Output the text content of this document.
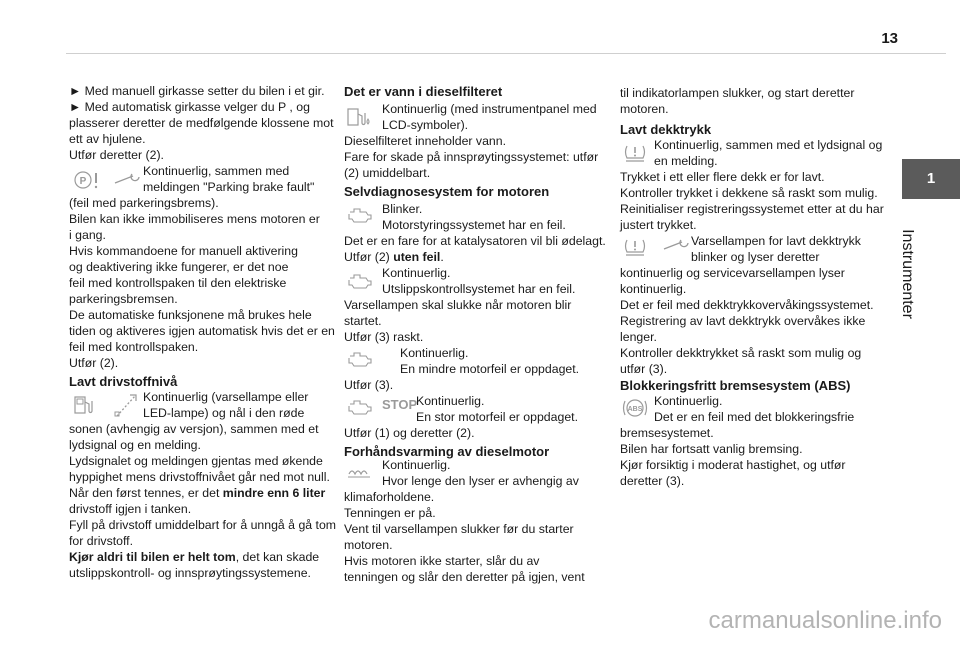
13
1
Instrumenter
► Med manuell girkasse setter du bilen i et gir.
► Med automatisk girkasse velger du P , og
plasserer deretter de medfølgende klossene mot
ett av hjulene.
Utfør deretter (2).
P
Kontinuerlig, sammen med
meldingen "Parking brake fault"
(feil med parkeringsbrems).
Bilen kan ikke immobiliseres mens motoren er
i gang.
Hvis kommandoene for manuell aktivering
og deaktivering ikke fungerer, er det noe
feil med kontrollspaken til den elektriske
parkeringsbremsen.
De automatiske funksjonene må brukes hele
tiden og aktiveres igjen automatisk hvis det er en
feil med kontrollspaken.
Utfør (2).
Lavt drivstoffnivå
Kontinuerlig (varsellampe eller
LED-lampe) og nål i den røde
sonen (avhengig av versjon), sammen med et
lydsignal og en melding.
Lydsignalet og meldingen gjentas med økende
hyppighet mens drivstoffnivået går ned mot null.
Når den først tennes, er det mindre enn 6 liter
drivstoff igjen i tanken.
Fyll på drivstoff umiddelbart for å unngå å gå tom
for drivstoff.
Kjør aldri til bilen er helt tom, det kan skade
utslippskontroll- og innsprøytingssystemene.
Det er vann i dieselfilteret
Kontinuerlig (med instrumentpanel med
LCD-symboler).
Dieselfilteret inneholder vann.
Fare for skade på innsprøytingssystemet: utfør
(2) umiddelbart.
Selvdiagnosesystem for motoren
Blinker.
Motorstyringssystemet har en feil.
Det er en fare for at katalysatoren vil bli ødelagt.
Utfør (2) uten feil.
Kontinuerlig.
Utslippskontrollsystemet har en feil.
Varsellampen skal slukke når motoren blir
startet.
Utfør (3) raskt.
Kontinuerlig.
En mindre motorfeil er oppdaget.
Utfør (3).
STOP
Kontinuerlig.
En stor motorfeil er oppdaget.
Utfør (1) og deretter (2).
Forhåndsvarming av dieselmotor
Kontinuerlig.
Hvor lenge den lyser er avhengig av
klimaforholdene.
Tenningen er på.
Vent til varsellampen slukker før du starter
motoren.
Hvis motoren ikke starter, slår du av
tenningen og slår den deretter på igjen, vent
til indikatorlampen slukker, og start deretter
motoren.
Lavt dekktrykk
Kontinuerlig, sammen med et lydsignal og
en melding.
Trykket i ett eller flere dekk er for lavt.
Kontroller trykket i dekkene så raskt som mulig.
Reinitialiser registreringssystemet etter at du har
justert trykket.
Varsellampen for lavt dekktrykk
blinker og lyser deretter
kontinuerlig og servicevarsellampen lyser
kontinuerlig.
Det er feil med dekktrykkovervåkingssystemet.
Registrering av lavt dekktrykk overvåkes ikke
lenger.
Kontroller dekktrykket så raskt som mulig og
utfør (3).
Blokkeringsfritt bremsesystem (ABS)
ABS
Kontinuerlig.
Det er en feil med det blokkeringsfrie
bremsesystemet.
Bilen har fortsatt vanlig bremsing.
Kjør forsiktig i moderat hastighet, og utfør
deretter (3).
carmanualsonline.info
